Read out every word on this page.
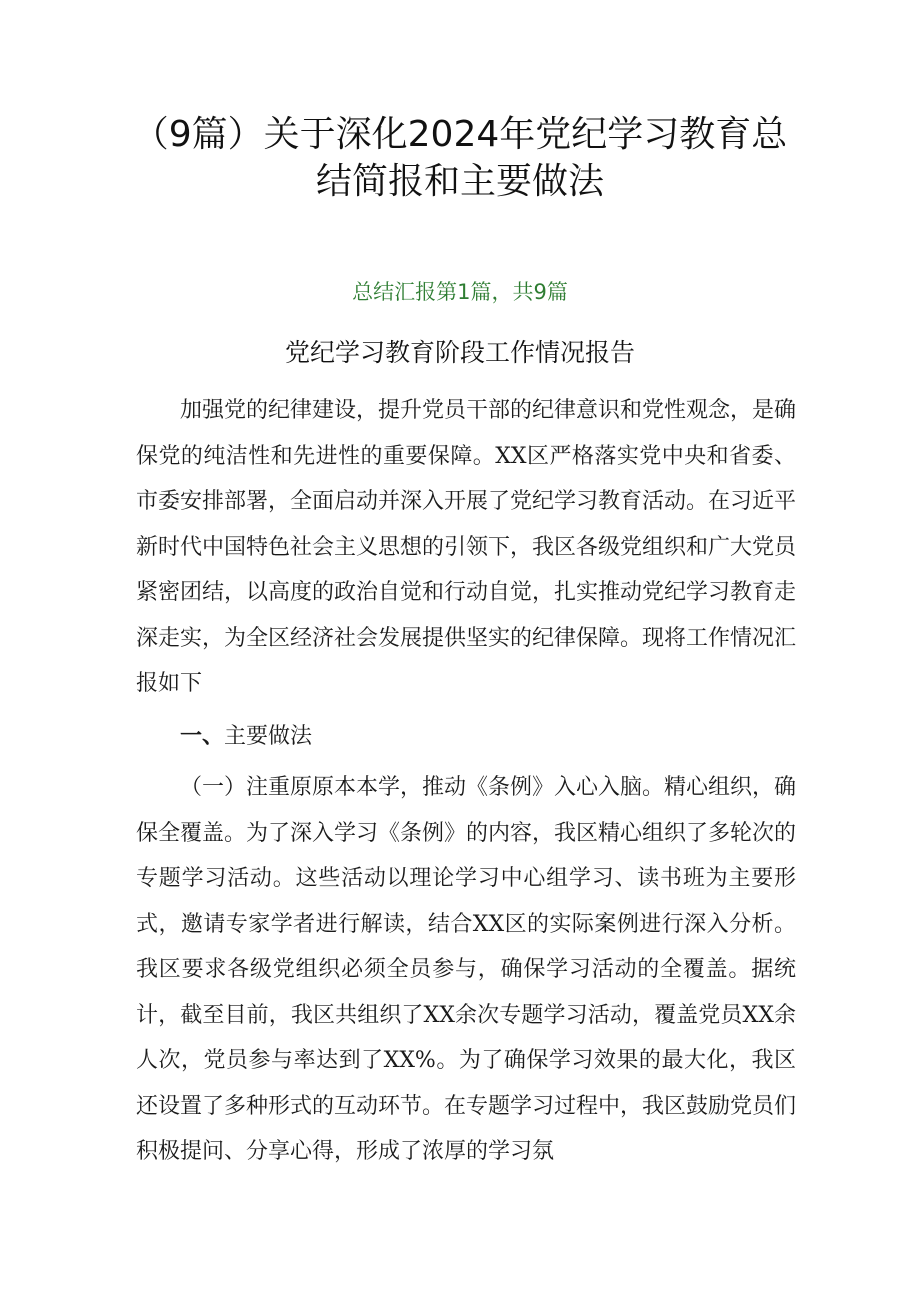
（9篇）关于深化2024年党纪学习教育总
结简报和主要做法
总结汇报第1篇，共9篇
党纪学习教育阶段工作情况报告

加强党的纪律建设，提升党员干部的纪律意识和党性观念，是确保党的纯洁性和先进性的重要保障。XX区严格落实党中央和省委、市委安排部署，全面启动并深入开展了党纪学习教育活动。在习近平新时代中国特色社会主义思想的引领下，我区各级党组织和广大党员紧密团结，以高度的政治自觉和行动自觉，扎实推动党纪学习教育走深走实，为全区经济社会发展提供坚实的纪律保障。现将工作情况汇报如下

一、主要做法

（一）注重原原本本学，推动《条例》入心入脑。精心组织，确保全覆盖。为了深入学习《条例》的内容，我区精心组织了多轮次的专题学习活动。这些活动以理论学习中心组学习、读书班为主要形式，邀请专家学者进行解读，结合XX区的实际案例进行深入分析。我区要求各级党组织必须全员参与，确保学习活动的全覆盖。据统计，截至目前，我区共组织了XX余次专题学习活动，覆盖党员XX余人次，党员参与率达到了XX%。为了确保学习效果的最大化，我区还设置了多种形式的互动环节。在专题学习过程中，我区鼓励党员们积极提问、分享心得，形成了浓厚的学习氛
